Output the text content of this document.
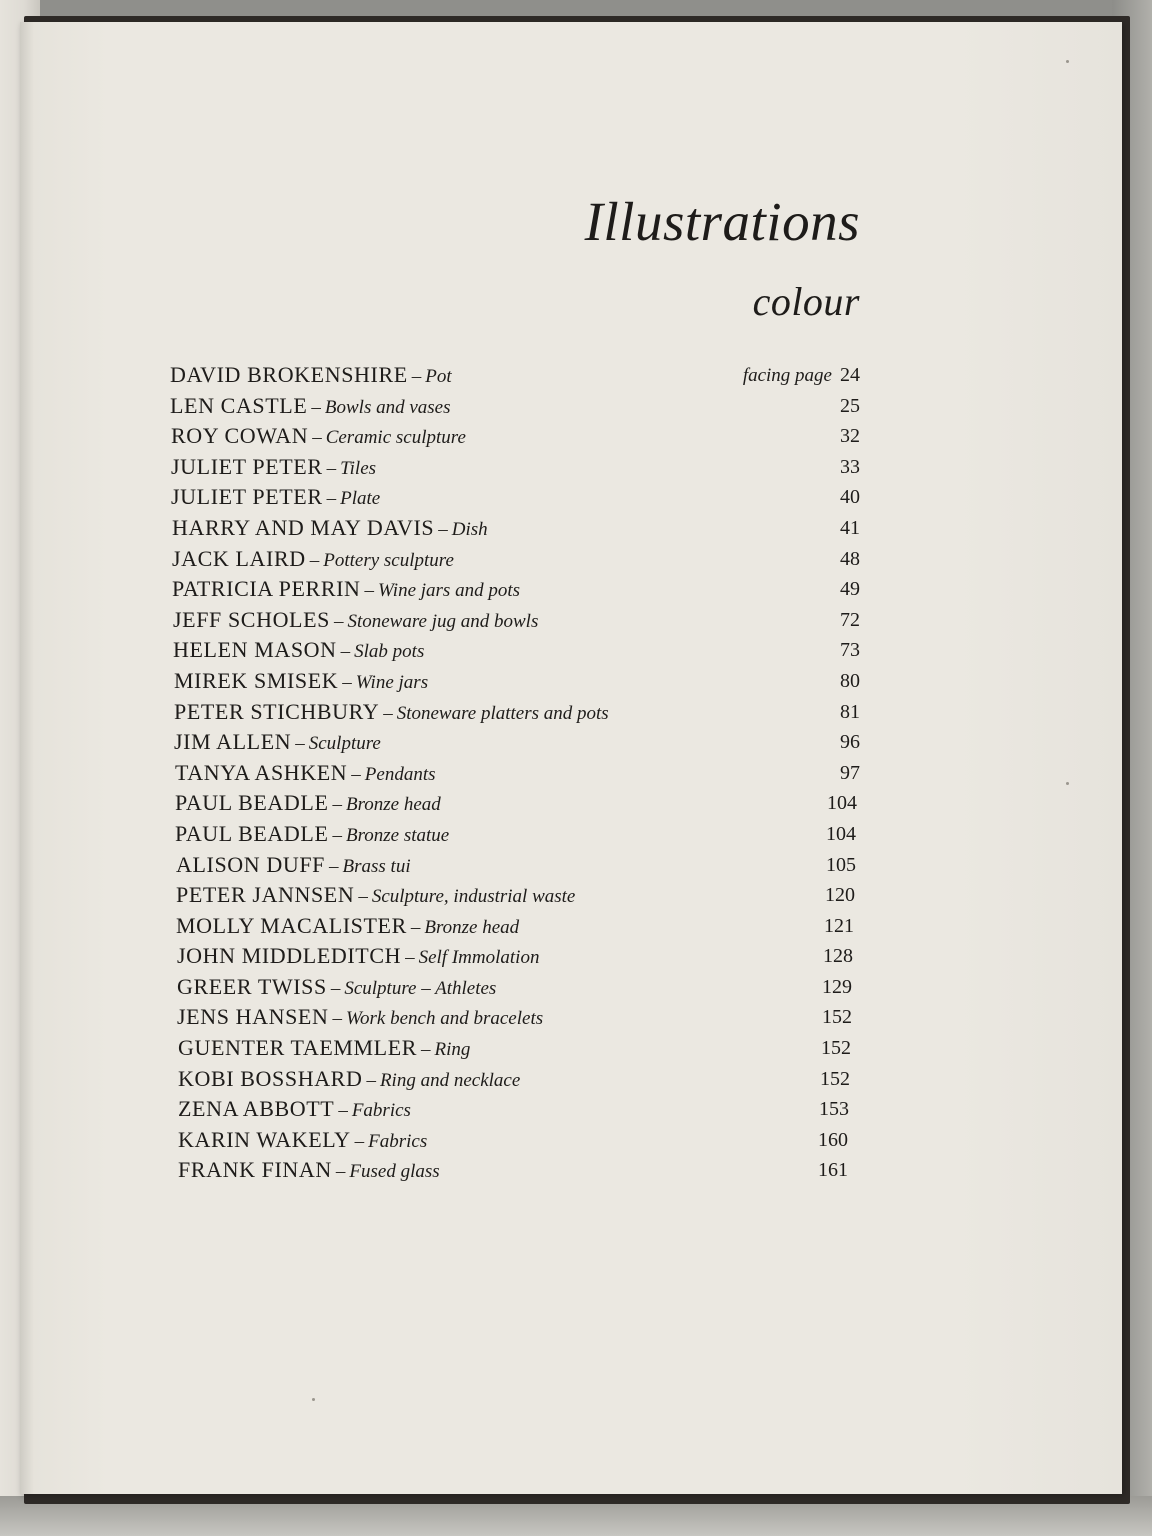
Illustrations
colour
DAVID BROKENSHIRE – Pot	facing page 24
LEN CASTLE – Bowls and vases	25
ROY COWAN – Ceramic sculpture	32
JULIET PETER – Tiles	33
JULIET PETER – Plate	40
HARRY AND MAY DAVIS – Dish	41
JACK LAIRD – Pottery sculpture	48
PATRICIA PERRIN – Wine jars and pots	49
JEFF SCHOLES – Stoneware jug and bowls	72
HELEN MASON – Slab pots	73
MIREK SMISEK – Wine jars	80
PETER STICHBURY – Stoneware platters and pots	81
JIM ALLEN – Sculpture	96
TANYA ASHKEN – Pendants	97
PAUL BEADLE – Bronze head	104
PAUL BEADLE – Bronze statue	104
ALISON DUFF – Brass tui	105
PETER JANNSEN – Sculpture, industrial waste	120
MOLLY MACALISTER – Bronze head	121
JOHN MIDDLEDITCH – Self Immolation	128
GREER TWISS – Sculpture – Athletes	129
JENS HANSEN – Work bench and bracelets	152
GUENTER TAEMMLER – Ring	152
KOBI BOSSHARD – Ring and necklace	152
ZENA ABBOTT – Fabrics	153
KARIN WAKELY – Fabrics	160
FRANK FINAN – Fused glass	161
